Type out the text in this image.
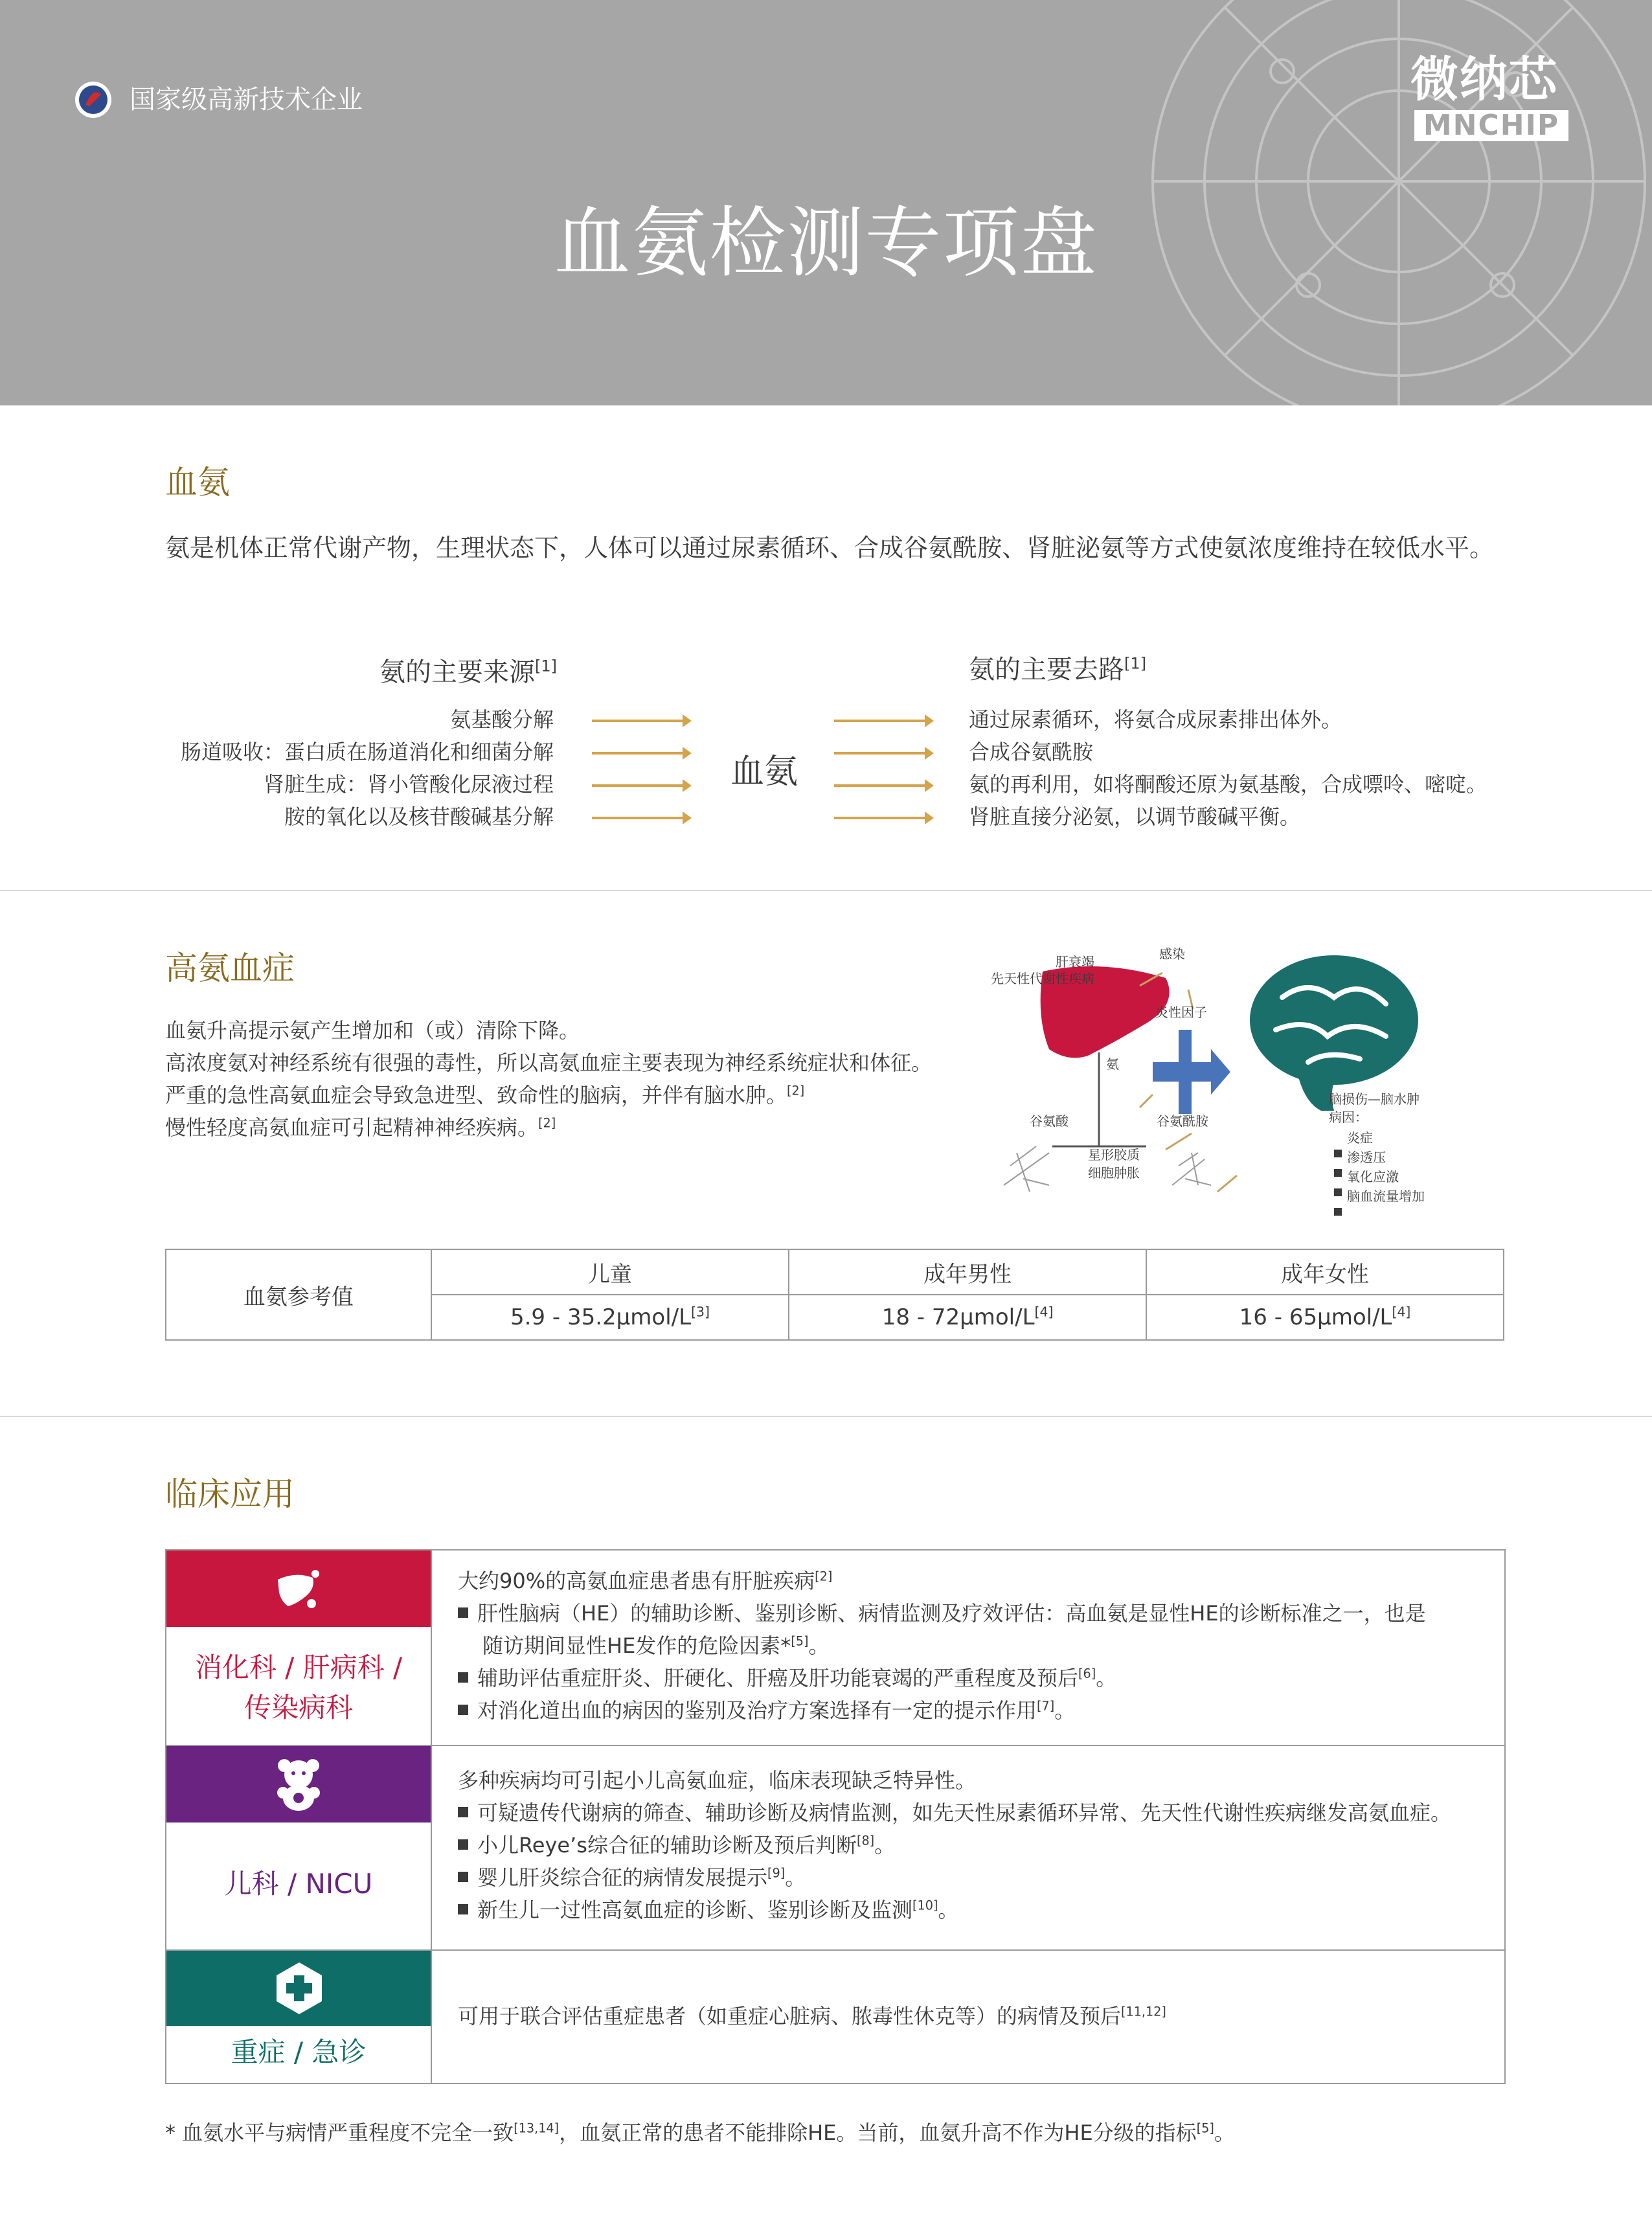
国家级高新技术企业	微纳芯
MNCHIP
血氨检测专项盘
血氨
氨是机体正常代谢产物，生理状态下，人体可以通过尿素循环、合成谷氨酰胺、肾脏泌氨等方式使氨浓度维持在较低水平。
氨的主要来源[1]
氨基酸分解
肠道吸收：蛋白质在肠道消化和细菌分解
肾脏生成：肾小管酸化尿液过程
胺的氧化以及核苷酸碱基分解
血氨
氨的主要去路[1]
通过尿素循环，将氨合成尿素排出体外。
合成谷氨酰胺
氨的再利用，如将酮酸还原为氨基酸，合成嘌呤、嘧啶。
肾脏直接分泌氨，以调节酸碱平衡。
高氨血症
血氨升高提示氨产生增加和（或）清除下降。
高浓度氨对神经系统有很强的毒性，所以高氨血症主要表现为神经系统症状和体征。
严重的急性高氨血症会导致急进型、致命性的脑病，并伴有脑水肿。[2]
慢性轻度高氨血症可引起精神神经疾病。[2]
肝衰竭
先天性代谢性疾病
感染
炎性因子
氨
谷氨酸	谷氨酰胺
星形胶质
细胞肿胀
脑损伤—脑水肿
病因：
炎症
渗透压
氧化应激
脑血流量增加
血氨参考值	儿童	成年男性	成年女性
	5.9 - 35.2μmol/L[3]	18 - 72μmol/L[4]	16 - 65μmol/L[4]
临床应用
消化科 / 肝病科 /
传染病科
大约90%的高氨血症患者患有肝脏疾病[2]
肝性脑病（HE）的辅助诊断、鉴别诊断、病情监测及疗效评估：高血氨是显性HE的诊断标准之一，也是
随访期间显性HE发作的危险因素*[5]。
辅助评估重症肝炎、肝硬化、肝癌及肝功能衰竭的严重程度及预后[6]。
对消化道出血的病因的鉴别及治疗方案选择有一定的提示作用[7]。
儿科 / NICU
多种疾病均可引起小儿高氨血症，临床表现缺乏特异性。
可疑遗传代谢病的筛查、辅助诊断及病情监测，如先天性尿素循环异常、先天性代谢性疾病继发高氨血症。
小儿Reye’s综合征的辅助诊断及预后判断[8]。
婴儿肝炎综合征的病情发展提示[9]。
新生儿一过性高氨血症的诊断、鉴别诊断及监测[10]。
重症 / 急诊
可用于联合评估重症患者（如重症心脏病、脓毒性休克等）的病情及预后[11,12]
* 血氨水平与病情严重程度不完全一致[13,14]，血氨正常的患者不能排除HE。当前，血氨升高不作为HE分级的指标[5]。
